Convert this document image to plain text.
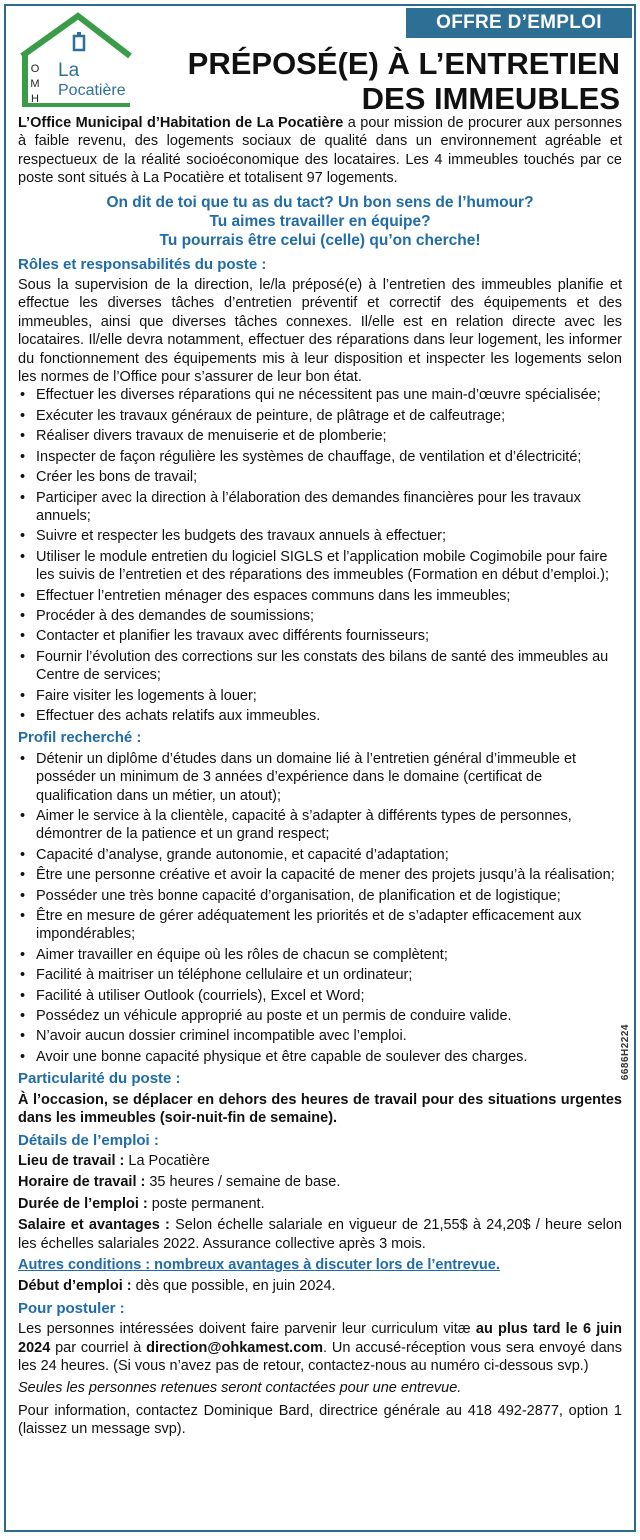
OFFRE D’EMPLOI
O
M
H
La
Pocatière
PRÉPOSÉ(E) À L’ENTRETIEN
DES IMMEUBLES

L’Office Municipal d’Habitation de La Pocatière a pour mission de procurer aux personnes à faible revenu, des logements sociaux de qualité dans un environnement agréable et respectueux de la réalité socioéconomique des locataires. Les 4 immeubles touchés par ce poste sont situés à La Pocatière et totalisent 97 logements.

On dit de toi que tu as du tact? Un bon sens de l’humour?
Tu aimes travailler en équipe?
Tu pourrais être celui (celle) qu’on cherche!
Rôles et responsabilités du poste :

Sous la supervision de la direction, le/la préposé(e) à l’entretien des immeubles planifie et effectue les diverses tâches d’entretien préventif et correctif des équipements et des immeubles, ainsi que diverses tâches connexes. Il/elle est en relation directe avec les locataires. Il/elle devra notamment, effectuer des réparations dans leur logement, les informer du fonctionnement des équipements mis à leur disposition et inspecter les logements selon les normes de l’Office pour s’assurer de leur bon état.

• Effectuer les diverses réparations qui ne nécessitent pas une main-d’œuvre spécialisée;
• Exécuter les travaux généraux de peinture, de plâtrage et de calfeutrage;
• Réaliser divers travaux de menuiserie et de plomberie;
• Inspecter de façon régulière les systèmes de chauffage, de ventilation et d’électricité;
• Créer les bons de travail;
• Participer avec la direction à l’élaboration des demandes financières pour les travaux annuels;
• Suivre et respecter les budgets des travaux annuels à effectuer;
• Utiliser le module entretien du logiciel SIGLS et l’application mobile Cogimobile pour faire les suivis de l’entretien et des réparations des immeubles (Formation en début d’emploi.);
• Effectuer l’entretien ménager des espaces communs dans les immeubles;
• Procéder à des demandes de soumissions;
• Contacter et planifier les travaux avec différents fournisseurs;
• Fournir l’évolution des corrections sur les constats des bilans de santé des immeubles au Centre de services;
• Faire visiter les logements à louer;
• Effectuer des achats relatifs aux immeubles.
Profil recherché :
• Détenir un diplôme d’études dans un domaine lié à l’entretien général d’immeuble et posséder un minimum de 3 années d’expérience dans le domaine (certificat de qualification dans un métier, un atout);
• Aimer le service à la clientèle, capacité à s’adapter à différents types de personnes, démontrer de la patience et un grand respect;
• Capacité d’analyse, grande autonomie, et capacité d’adaptation;
• Être une personne créative et avoir la capacité de mener des projets jusqu’à la réalisation;
• Posséder une très bonne capacité d’organisation, de planification et de logistique;
• Être en mesure de gérer adéquatement les priorités et de s’adapter efficacement aux impondérables;
• Aimer travailler en équipe où les rôles de chacun se complètent;
• Facilité à maitriser un téléphone cellulaire et un ordinateur;
• Facilité à utiliser Outlook (courriels), Excel et Word;
• Possédez un véhicule approprié au poste et un permis de conduire valide.
• N’avoir aucun dossier criminel incompatible avec l’emploi.
• Avoir une bonne capacité physique et être capable de soulever des charges.
Particularité du poste :

À l’occasion, se déplacer en dehors des heures de travail pour des situations urgentes dans les immeubles (soir-nuit-fin de semaine).

Détails de l’emploi :
Lieu de travail : La Pocatière
Horaire de travail : 35 heures / semaine de base.
Durée de l’emploi : poste permanent.
Salaire et avantages : Selon échelle salariale en vigueur de 21,55$ à 24,20$ / heure selon les échelles salariales 2022. Assurance collective après 3 mois.
Autres conditions : nombreux avantages à discuter lors de l’entrevue.
Début d’emploi : dès que possible, en juin 2024.
Pour postuler :

Les personnes intéressées doivent faire parvenir leur curriculum vitæ au plus tard le 6 juin 2024 par courriel à direction@ohkamest.com. Un accusé-réception vous sera envoyé dans les 24 heures. (Si vous n’avez pas de retour, contactez-nous au numéro ci-dessous svp.)

Seules les personnes retenues seront contactées pour une entrevue.

Pour information, contactez Dominique Bard, directrice générale au 418 492-2877, option 1 (laissez un message svp).

6686H2224
